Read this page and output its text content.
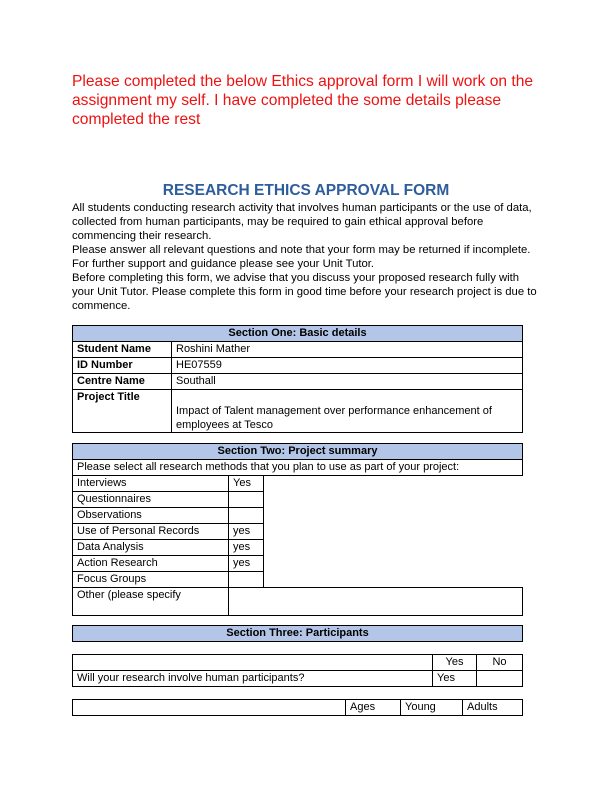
Please completed the below Ethics approval form I will work on the assignment my self. I have completed the some details please completed the rest
RESEARCH ETHICS APPROVAL FORM

All students conducting research activity that involves human participants or the use of data, collected from human participants, may be required to gain ethical approval before commencing their research.

Please answer all relevant questions and note that your form may be returned if incomplete.

For further support and guidance please see your Unit Tutor.

Before completing this form, we advise that you discuss your proposed research fully with your Unit Tutor. Please complete this form in good time before your research project is due to commence.

Section One: Basic details	
Student Name	Roshini Mather
ID Number	HE07559
Centre Name	Southall
Project Title	Impact of Talent management over performance enhancement of employees at Tesco
Section Two: Project summary		
Please select all research methods that you plan to use as part of your project:		
Interviews	Yes	
Questionnaires		
Observations		
Use of Personal Records	yes	
Data Analysis	yes	
Action Research	yes	
Focus Groups		
Other (please specify		
Section Three: Participants
	Yes	No
Will your research involve human participants?	Yes	
	Ages	Young	Adults
